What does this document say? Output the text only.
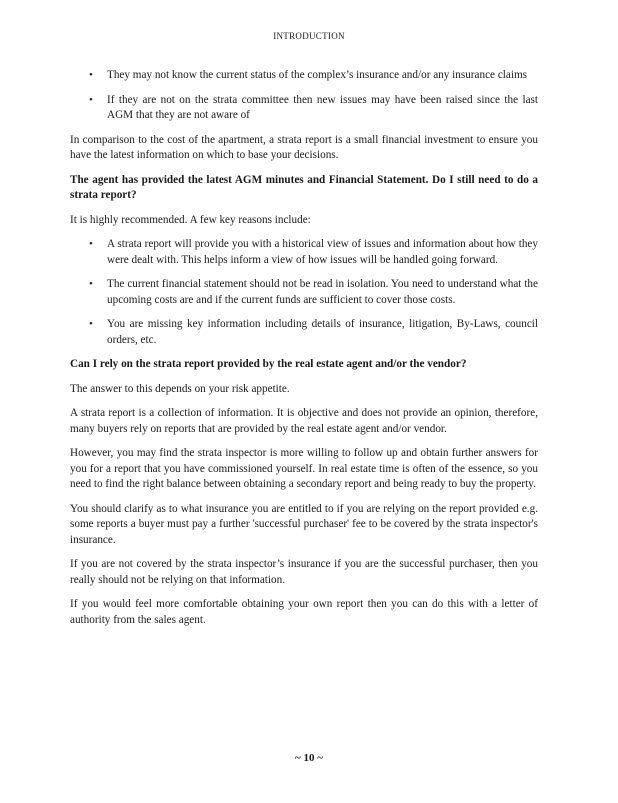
INTRODUCTION
• They may not know the current status of the complex’s insurance and/or any insurance claims
• If they are not on the strata committee then new issues may have been raised since the last AGM that they are not aware of

In comparison to the cost of the apartment, a strata report is a small financial investment to ensure you have the latest information on which to base your decisions.

The agent has provided the latest AGM minutes and Financial Statement. Do I still need to do a strata report?

It is highly recommended. A few key reasons include:

• A strata report will provide you with a historical view of issues and information about how they were dealt with. This helps inform a view of how issues will be handled going forward.
• The current financial statement should not be read in isolation. You need to understand what the upcoming costs are and if the current funds are sufficient to cover those costs.
• You are missing key information including details of insurance, litigation, By-Laws, council orders, etc.

Can I rely on the strata report provided by the real estate agent and/or the vendor?

The answer to this depends on your risk appetite.

A strata report is a collection of information. It is objective and does not provide an opinion, therefore, many buyers rely on reports that are provided by the real estate agent and/or vendor.

However, you may find the strata inspector is more willing to follow up and obtain further answers for you for a report that you have commissioned yourself. In real estate time is often of the essence, so you need to find the right balance between obtaining a secondary report and being ready to buy the property.

You should clarify as to what insurance you are entitled to if you are relying on the report provided e.g. some reports a buyer must pay a further 'successful purchaser' fee to be covered by the strata inspector's insurance.

If you are not covered by the strata inspector’s insurance if you are the successful purchaser, then you really should not be relying on that information.

If you would feel more comfortable obtaining your own report then you can do this with a letter of authority from the sales agent.

~ 10 ~
